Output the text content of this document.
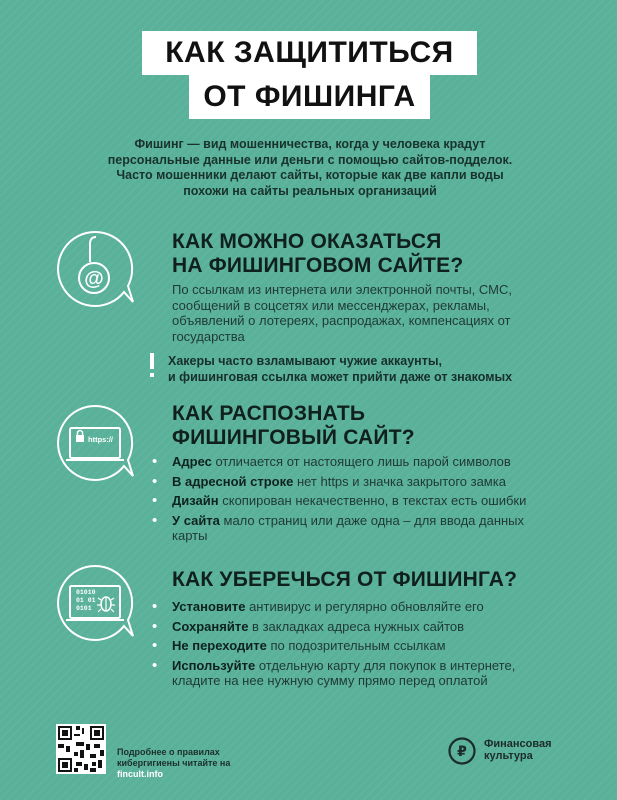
КАК ЗАЩИТИТЬСЯ
ОТ ФИШИНГА

Фишинг — вид мошенничества, когда у человека крадут

персональные данные или деньги с помощью сайтов-подделок.

Часто мошенники делают сайты, которые как две капли воды

похожи на сайты реальных организаций

@
КАК МОЖНО ОКАЗАТЬСЯ
НА ФИШИНГОВОМ САЙТЕ?

По ссылкам из интернета или электронной почты, СМС, сообщений в соцсетях или мессенджерах, рекламы, объявлений о лотереях, распродажах, компенсациях от государства

Хакеры часто взламывают чужие аккаунты,
и фишинговая ссылка может прийти даже от знакомых
https://
КАК РАСПОЗНАТЬ
ФИШИНГОВЫЙ САЙТ?
• Адрес отличается от настоящего лишь парой символов
• В адресной строке нет https и значка закрытого замка
• Дизайн скопирован некачественно, в текстах есть ошибки
• У сайта мало страниц или даже одна – для ввода данных карты
01010
01 01
0101
КАК УБЕРЕЧЬСЯ ОТ ФИШИНГА?
• Установите антивирус и регулярно обновляйте его
• Сохраняйте в закладках адреса нужных сайтов
• Не переходите по подозрительным ссылкам
• Используйте отдельную карту для покупок в интернете, кладите на нее нужную сумму прямо перед оплатой
Подробнее о правилах
кибергигиены читайте на
fincult.info
₽ Финансовая
культура
